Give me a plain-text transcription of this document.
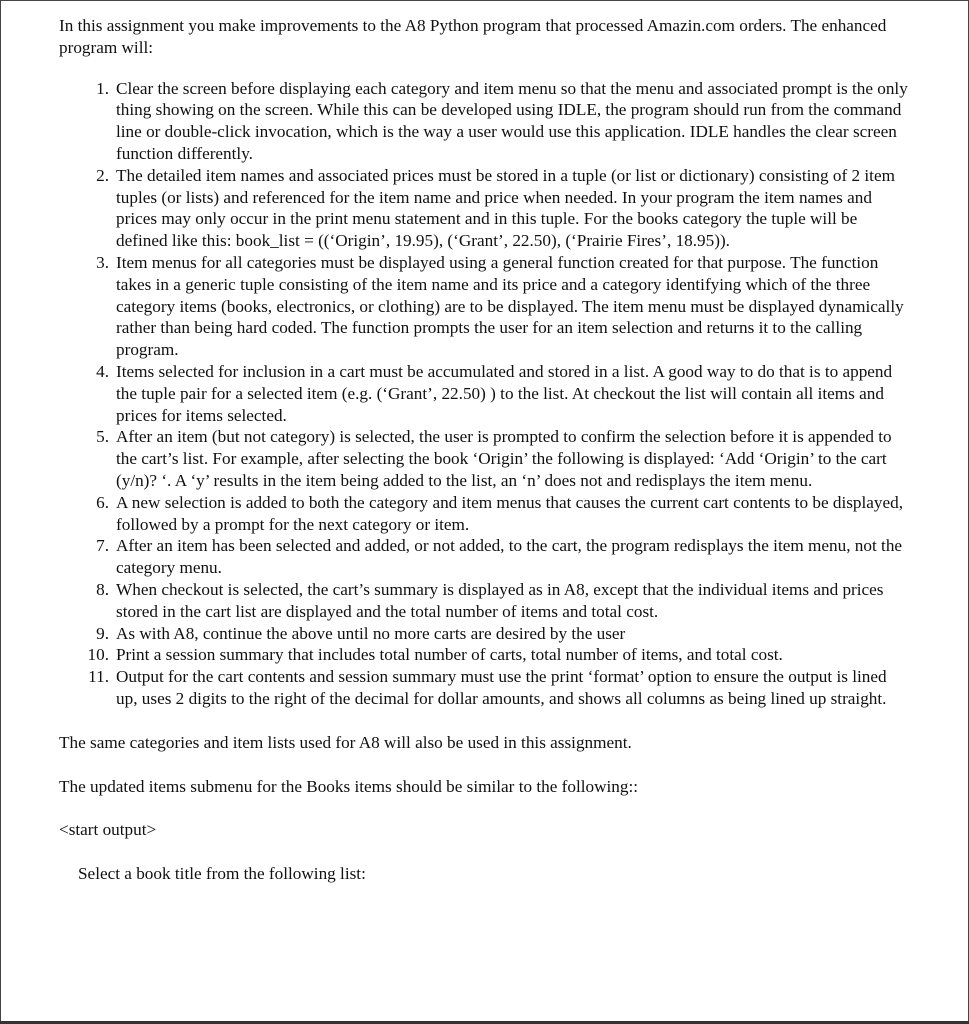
In this assignment you make improvements to the A8 Python program that processed Amazin.com orders. The enhanced program will:

1. Clear the screen before displaying each category and item menu so that the menu and associated prompt is the only thing showing on the screen. While this can be developed using IDLE, the program should run from the command line or double-click invocation, which is the way a user would use this application. IDLE handles the clear screen function differently.
2. The detailed item names and associated prices must be stored in a tuple (or list or dictionary) consisting of 2 item tuples (or lists) and referenced for the item name and price when needed. In your program the item names and prices may only occur in the print menu statement and in this tuple. For the books category the tuple will be defined like this: book_list = ((‘Origin’, 19.95), (‘Grant’, 22.50), (‘Prairie Fires’, 18.95)).
3. Item menus for all categories must be displayed using a general function created for that purpose. The function takes in a generic tuple consisting of the item name and its price and a category identifying which of the three category items (books, electronics, or clothing) are to be displayed. The item menu must be displayed dynamically rather than being hard coded. The function prompts the user for an item selection and returns it to the calling program.
4. Items selected for inclusion in a cart must be accumulated and stored in a list. A good way to do that is to append the tuple pair for a selected item (e.g. (‘Grant’, 22.50) ) to the list. At checkout the list will contain all items and prices for items selected.
5. After an item (but not category) is selected, the user is prompted to confirm the selection before it is appended to the cart’s list. For example, after selecting the book ‘Origin’ the following is displayed: ‘Add ‘Origin’ to the cart (y/n)? ‘. A ‘y’ results in the item being added to the list, an ‘n’ does not and redisplays the item menu.
6. A new selection is added to both the category and item menus that causes the current cart contents to be displayed, followed by a prompt for the next category or item.
7. After an item has been selected and added, or not added, to the cart, the program redisplays the item menu, not the category menu.
8. When checkout is selected, the cart’s summary is displayed as in A8, except that the individual items and prices stored in the cart list are displayed and the total number of items and total cost.
9. As with A8, continue the above until no more carts are desired by the user
10. Print a session summary that includes total number of carts, total number of items, and total cost.
11. Output for the cart contents and session summary must use the print ‘format’ option to ensure the output is lined up, uses 2 digits to the right of the decimal for dollar amounts, and shows all columns as being lined up straight.

The same categories and item lists used for A8 will also be used in this assignment.

The updated items submenu for the Books items should be similar to the following::

<start output>

Select a book title from the following list:
